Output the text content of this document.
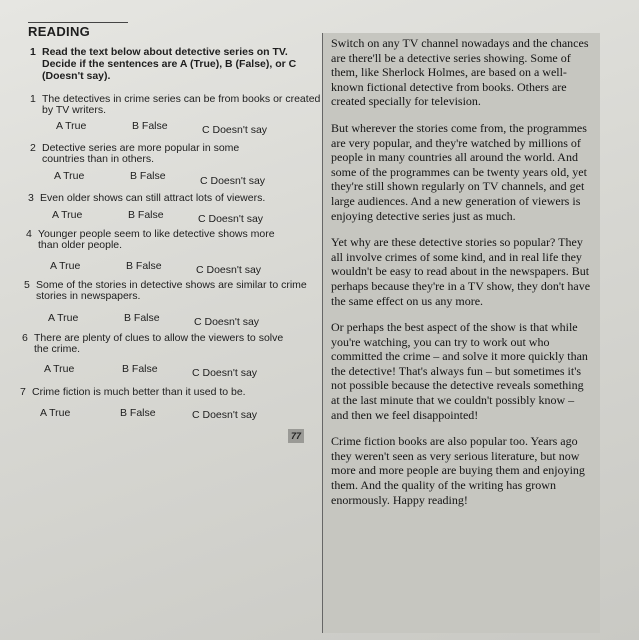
READING
1 Read the text below about detective series on TV. Decide if the sentences are A (True), B (False), or C (Doesn't say).
1 The detectives in crime series can be from books or created by TV writers.
A True	B False	C Doesn't say
2 Detective series are more popular in some countries than in others.
A True	B False	C Doesn't say
3 Even older shows can still attract lots of viewers.
A True	B False	C Doesn't say
4 Younger people seem to like detective shows more than older people.
A True	B False	C Doesn't say
5 Some of the stories in detective shows are similar to crime stories in newspapers.
A True	B False	C Doesn't say
6 There are plenty of clues to allow the viewers to solve the crime.
A True	B False	C Doesn't say
7 Crime fiction is much better than it used to be.
A True	B False	C Doesn't say
77

Switch on any TV channel nowadays and the chances are there'll be a detective series showing. Some of them, like Sherlock Holmes, are based on a well-known fictional detective from books. Others are created specially for television.

But wherever the stories come from, the programmes are very popular, and they're watched by millions of people in many countries all around the world. And some of the programmes can be twenty years old, yet they're still shown regularly on TV channels, and get large audiences. And a new generation of viewers is enjoying detective series just as much.

Yet why are these detective stories so popular? They all involve crimes of some kind, and in real life they wouldn't be easy to read about in the newspapers. But perhaps because they're in a TV show, they don't have the same effect on us any more.

Or perhaps the best aspect of the show is that while you're watching, you can try to work out who committed the crime – and solve it more quickly than the detective! That's always fun – but sometimes it's not possible because the detective reveals something at the last minute that we couldn't possibly know – and then we feel disappointed!

Crime fiction books are also popular too. Years ago they weren't seen as very serious literature, but now more and more people are buying them and enjoying them. And the quality of the writing has grown enormously. Happy reading!
